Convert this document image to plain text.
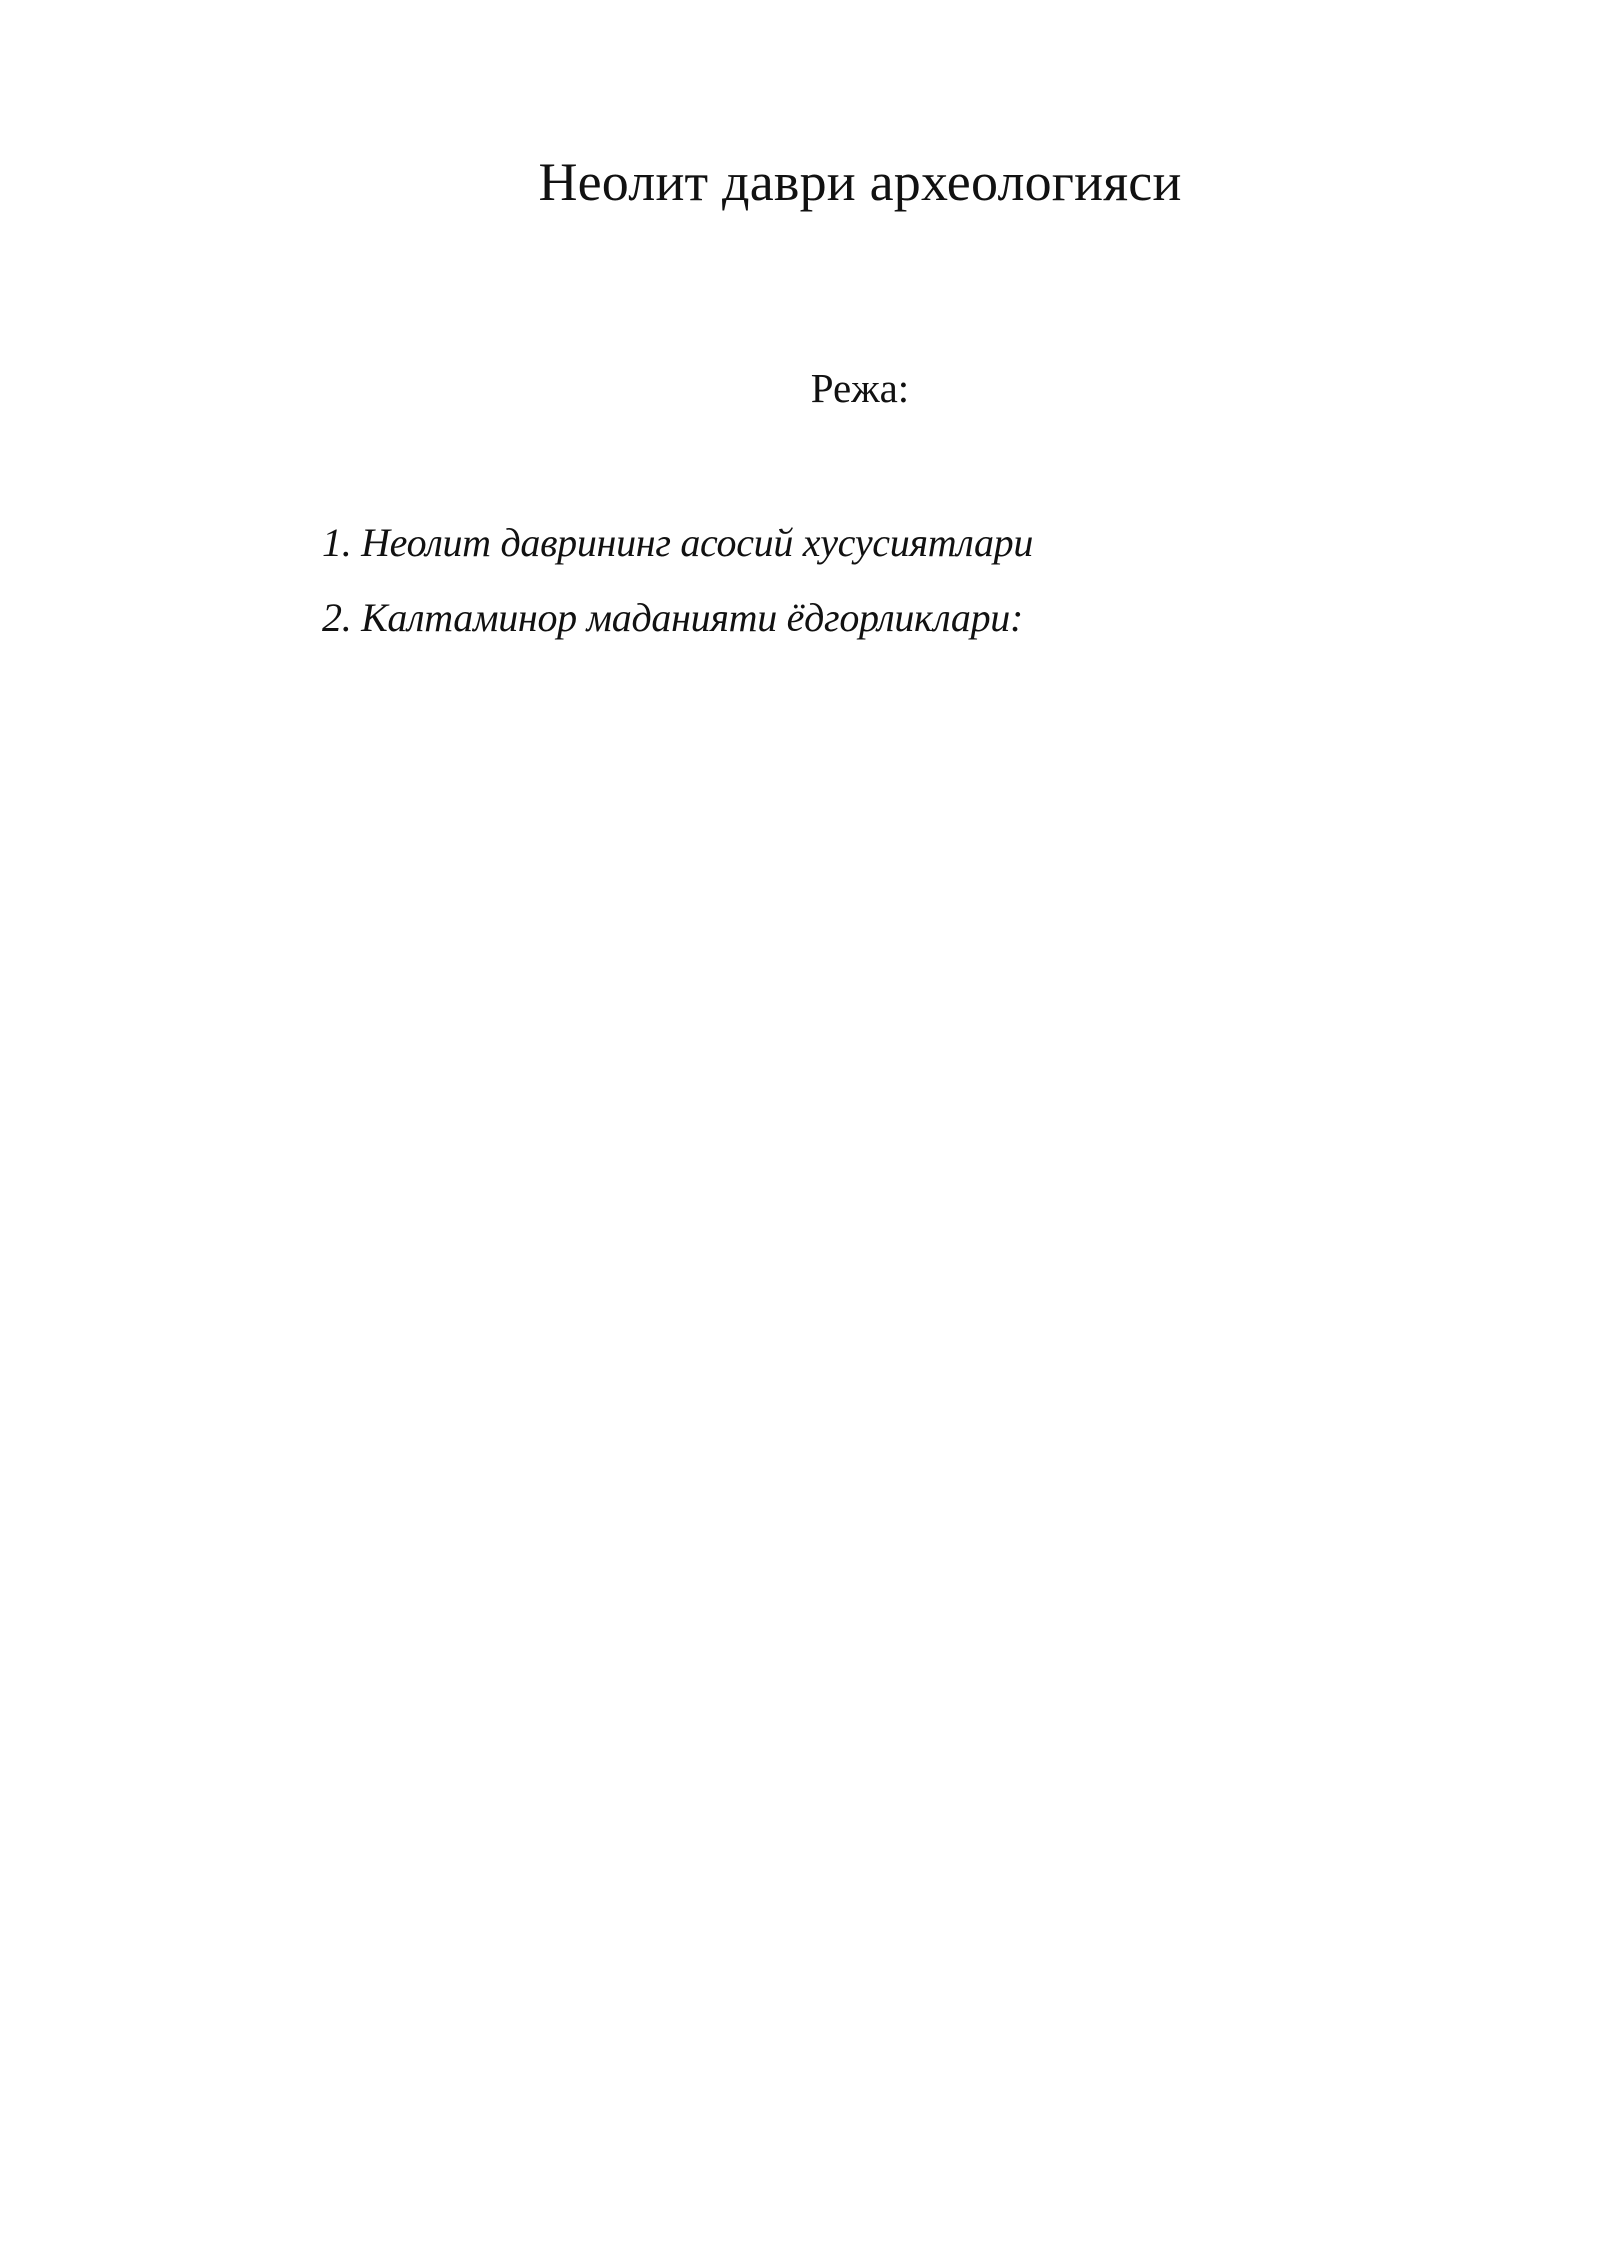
Неолит даври археологияси
Режа:
1. Неолит даврининг асосий хусусиятлари
2. Калтаминор маданияти ёдгорликлари:
